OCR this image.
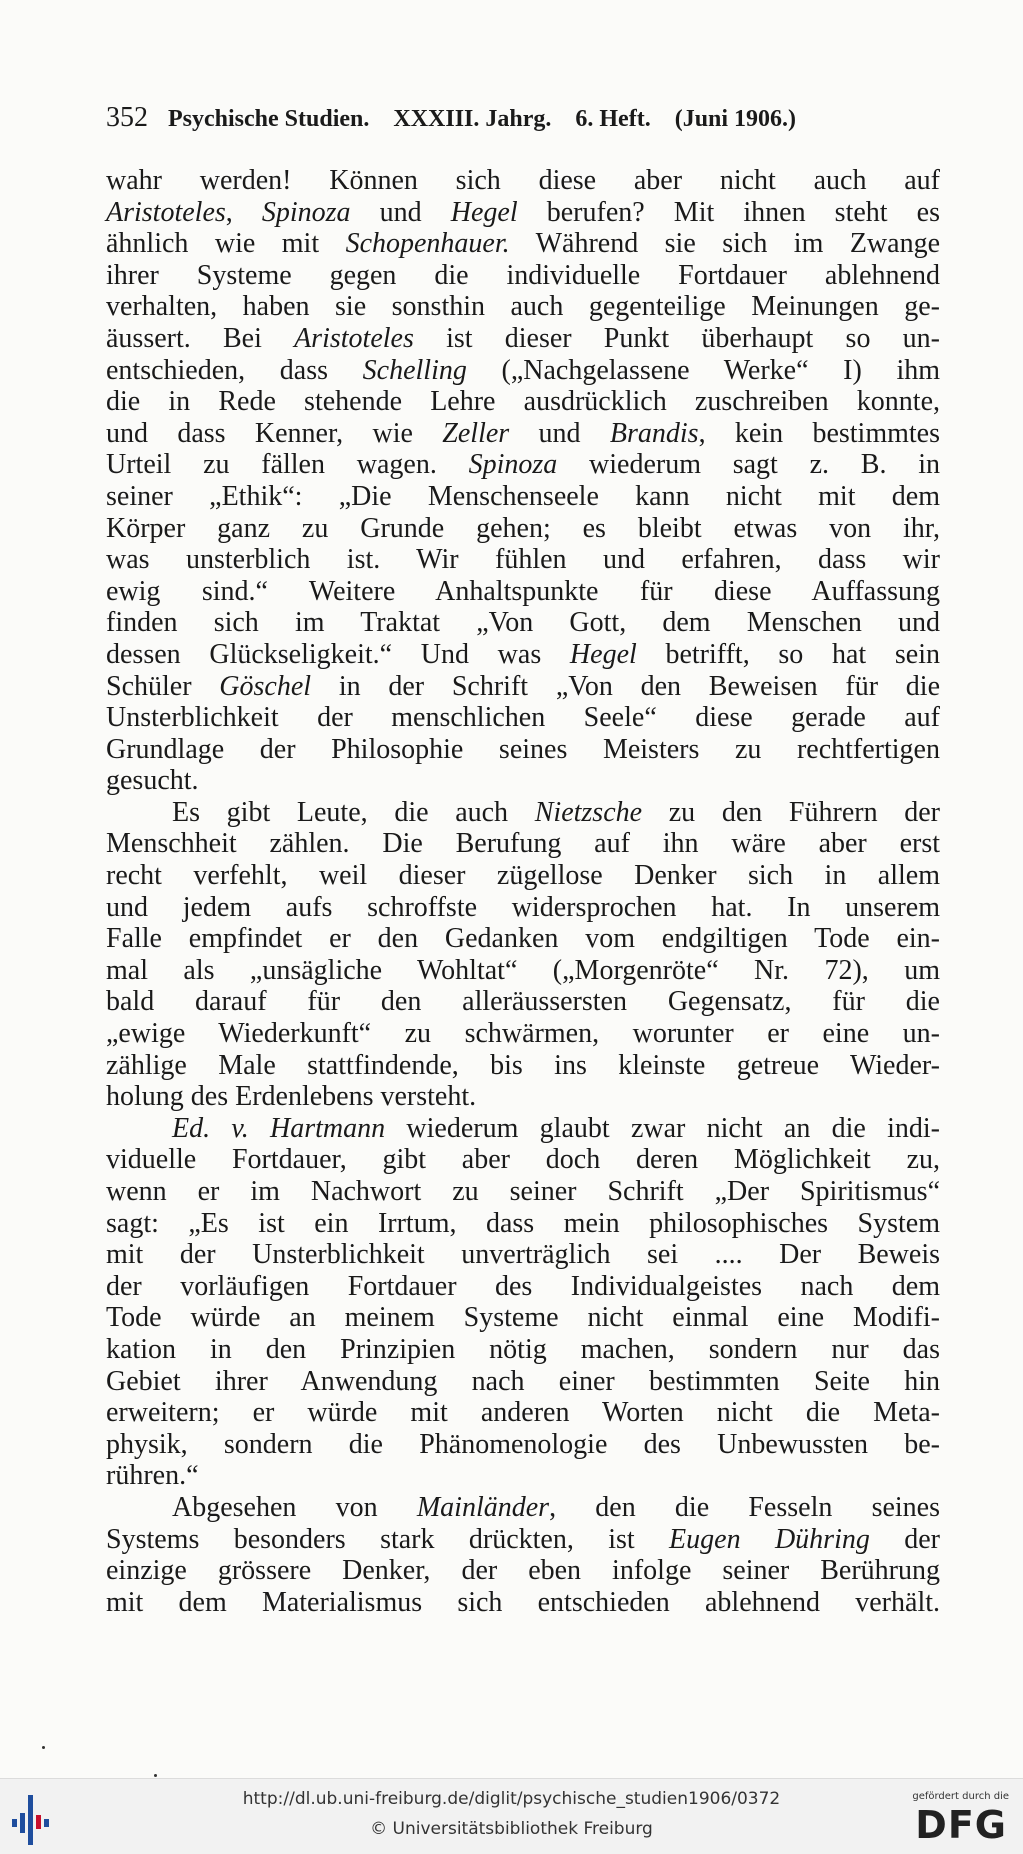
352 Psychische Studien. XXXIII. Jahrg. 6. Heft. (Juni 1906.)
wahr werden! Können sich diese aber nicht auch auf
Aristoteles, Spinoza und Hegel berufen? Mit ihnen steht es
ähnlich wie mit Schopenhauer. Während sie sich im Zwange
ihrer Systeme gegen die individuelle Fortdauer ablehnend
verhalten, haben sie sonsthin auch gegenteilige Meinungen ge-
äussert. Bei Aristoteles ist dieser Punkt überhaupt so un-
entschieden, dass Schelling („Nachgelassene Werke“ I) ihm
die in Rede stehende Lehre ausdrücklich zuschreiben konnte,
und dass Kenner, wie Zeller und Brandis, kein bestimmtes
Urteil zu fällen wagen. Spinoza wiederum sagt z. B. in
seiner „Ethik“: „Die Menschenseele kann nicht mit dem
Körper ganz zu Grunde gehen; es bleibt etwas von ihr,
was unsterblich ist. Wir fühlen und erfahren, dass wir
ewig sind.“ Weitere Anhaltspunkte für diese Auffassung
finden sich im Traktat „Von Gott, dem Menschen und
dessen Glückseligkeit.“ Und was Hegel betrifft, so hat sein
Schüler Göschel in der Schrift „Von den Beweisen für die
Unsterblichkeit der menschlichen Seele“ diese gerade auf
Grundlage der Philosophie seines Meisters zu rechtfertigen
gesucht.
Es gibt Leute, die auch Nietzsche zu den Führern der
Menschheit zählen. Die Berufung auf ihn wäre aber erst
recht verfehlt, weil dieser zügellose Denker sich in allem
und jedem aufs schroffste widersprochen hat. In unserem
Falle empfindet er den Gedanken vom endgiltigen Tode ein-
mal als „unsägliche Wohltat“ („Morgenröte“ Nr. 72), um
bald darauf für den alleräussersten Gegensatz, für die
„ewige Wiederkunft“ zu schwärmen, worunter er eine un-
zählige Male stattfindende, bis ins kleinste getreue Wieder-
holung des Erdenlebens versteht.
Ed. v. Hartmann wiederum glaubt zwar nicht an die indi-
viduelle Fortdauer, gibt aber doch deren Möglichkeit zu,
wenn er im Nachwort zu seiner Schrift „Der Spiritismus“
sagt: „Es ist ein Irrtum, dass mein philosophisches System
mit der Unsterblichkeit unverträglich sei .... Der Beweis
der vorläufigen Fortdauer des Individualgeistes nach dem
Tode würde an meinem Systeme nicht einmal eine Modifi-
kation in den Prinzipien nötig machen, sondern nur das
Gebiet ihrer Anwendung nach einer bestimmten Seite hin
erweitern; er würde mit anderen Worten nicht die Meta-
physik, sondern die Phänomenologie des Unbewussten be-
rühren.“
Abgesehen von Mainländer, den die Fesseln seines
Systems besonders stark drückten, ist Eugen Dühring der
einzige grössere Denker, der eben infolge seiner Berührung
mit dem Materialismus sich entschieden ablehnend verhält.
http://dl.ub.uni-freiburg.de/diglit/psychische_studien1906/0372
© Universitätsbibliothek Freiburg
gefördert durch die
DFG
